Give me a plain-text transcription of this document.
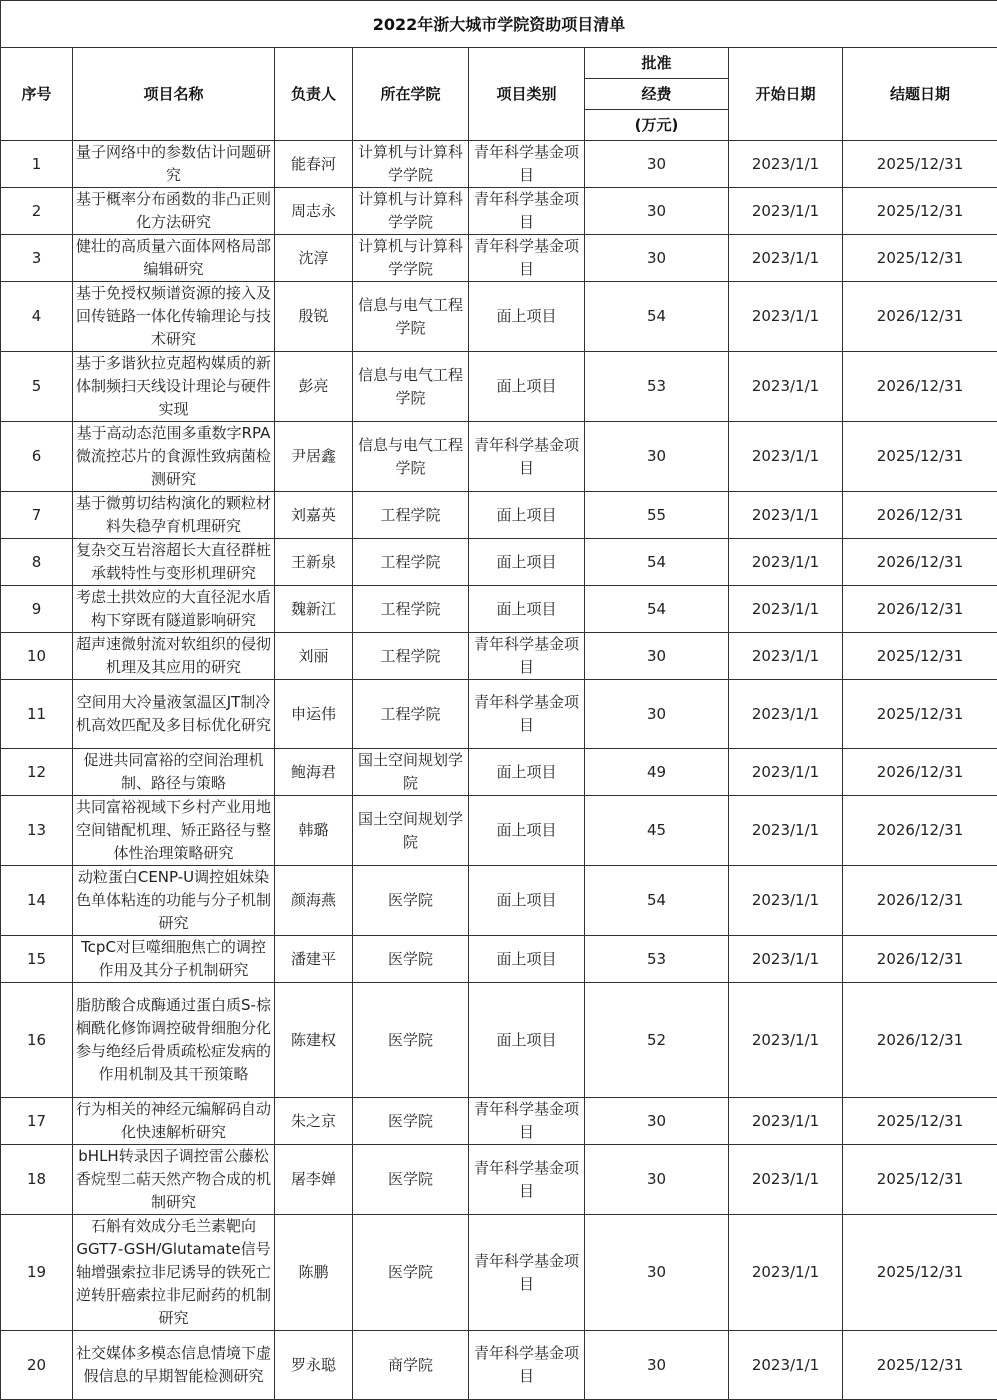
2022年浙大城市学院资助项目清单							
序号	项目名称	负责人	所在学院	项目类别	批准	开始日期	结题日期
					经费		
					(万元)		
1	量子网络中的参数估计问题研究	能春河	计算机与计算科学学院	青年科学基金项目	30	2023/1/1	2025/12/31
2	基于概率分布函数的非凸正则化方法研究	周志永	计算机与计算科学学院	青年科学基金项目	30	2023/1/1	2025/12/31
3	健壮的高质量六面体网格局部编辑研究	沈淳	计算机与计算科学学院	青年科学基金项目	30	2023/1/1	2025/12/31
4	基于免授权频谱资源的接入及回传链路一体化传输理论与技术研究	殷锐	信息与电气工程学院	面上项目	54	2023/1/1	2026/12/31
5	基于多谐狄拉克超构媒质的新体制频扫天线设计理论与硬件实现	彭亮	信息与电气工程学院	面上项目	53	2023/1/1	2026/12/31
6	基于高动态范围多重数字RPA微流控芯片的食源性致病菌检测研究	尹居鑫	信息与电气工程学院	青年科学基金项目	30	2023/1/1	2025/12/31
7	基于微剪切结构演化的颗粒材料失稳孕育机理研究	刘嘉英	工程学院	面上项目	55	2023/1/1	2026/12/31
8	复杂交互岩溶超长大直径群桩承载特性与变形机理研究	王新泉	工程学院	面上项目	54	2023/1/1	2026/12/31
9	考虑土拱效应的大直径泥水盾构下穿既有隧道影响研究	魏新江	工程学院	面上项目	54	2023/1/1	2026/12/31
10	超声速微射流对软组织的侵彻机理及其应用的研究	刘丽	工程学院	青年科学基金项目	30	2023/1/1	2025/12/31
11	空间用大冷量液氢温区JT制冷机高效匹配及多目标优化研究	申运伟	工程学院	青年科学基金项目	30	2023/1/1	2025/12/31
12	促进共同富裕的空间治理机制、路径与策略	鲍海君	国土空间规划学院	面上项目	49	2023/1/1	2026/12/31
13	共同富裕视域下乡村产业用地空间错配机理、矫正路径与整体性治理策略研究	韩璐	国土空间规划学院	面上项目	45	2023/1/1	2026/12/31
14	动粒蛋白CENP-U调控姐妹染色单体粘连的功能与分子机制研究	颜海燕	医学院	面上项目	54	2023/1/1	2026/12/31
15	TcpC对巨噬细胞焦亡的调控作用及其分子机制研究	潘建平	医学院	面上项目	53	2023/1/1	2026/12/31
16	脂肪酸合成酶通过蛋白质S-棕榈酰化修饰调控破骨细胞分化参与绝经后骨质疏松症发病的作用机制及其干预策略	陈建权	医学院	面上项目	52	2023/1/1	2026/12/31
17	行为相关的神经元编解码自动化快速解析研究	朱之京	医学院	青年科学基金项目	30	2023/1/1	2025/12/31
18	bHLH转录因子调控雷公藤松香烷型二萜天然产物合成的机制研究	屠李婵	医学院	青年科学基金项目	30	2023/1/1	2025/12/31
19	石斛有效成分毛兰素靶向GGT7-GSH/Glutamate信号轴增强索拉非尼诱导的铁死亡逆转肝癌索拉非尼耐药的机制研究	陈鹏	医学院	青年科学基金项目	30	2023/1/1	2025/12/31
20	社交媒体多模态信息情境下虚假信息的早期智能检测研究	罗永聪	商学院	青年科学基金项目	30	2023/1/1	2025/12/31
